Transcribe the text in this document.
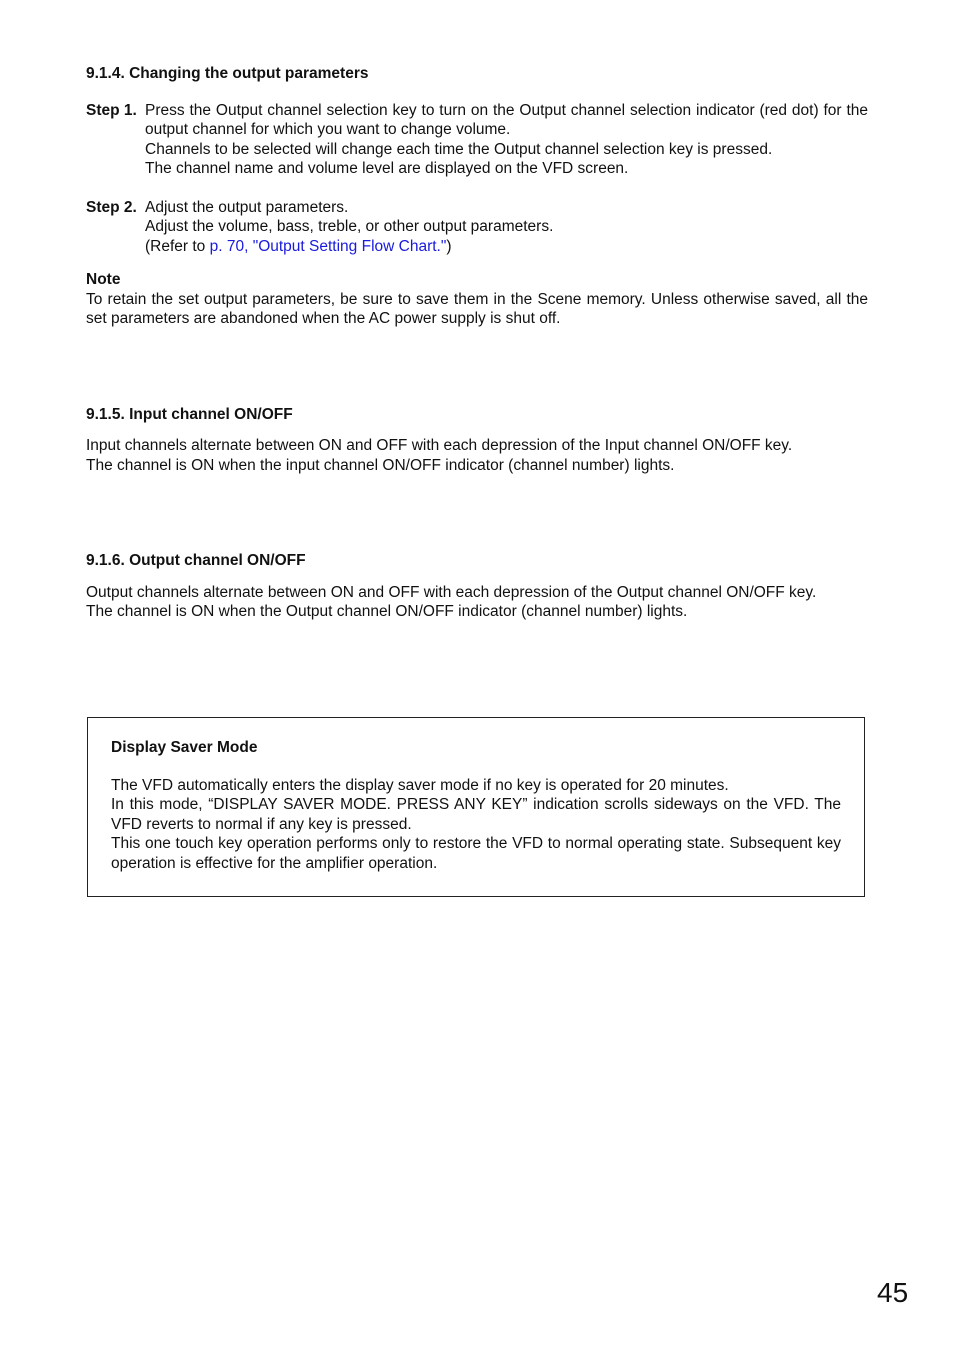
9.1.4. Changing the output parameters

Step 1. Press the Output channel selection key to turn on the Output channel selection indicator (red dot) for the output channel for which you want to change volume.

Channels to be selected will change each time the Output channel selection key is pressed.

The channel name and volume level are displayed on the VFD screen.

Step 2. Adjust the output parameters.

Adjust the volume, bass, treble, or other output parameters.

(Refer to p. 70, "Output Setting Flow Chart.")

Note

To retain the set output parameters, be sure to save them in the Scene memory. Unless otherwise saved, all the set parameters are abandoned when the AC power supply is shut off.

9.1.5. Input channel ON/OFF

Input channels alternate between ON and OFF with each depression of the Input channel ON/OFF key.

The channel is ON when the input channel ON/OFF indicator (channel number) lights.

9.1.6. Output channel ON/OFF

Output channels alternate between ON and OFF with each depression of the Output channel ON/OFF key.

The channel is ON when the Output channel ON/OFF indicator (channel number) lights.

Display Saver Mode

The VFD automatically enters the display saver mode if no key is operated for 20 minutes.

In this mode, “DISPLAY SAVER MODE. PRESS ANY KEY” indication scrolls sideways on the VFD. The VFD reverts to normal if any key is pressed.

This one touch key operation performs only to restore the VFD to normal operating state. Subsequent key operation is effective for the amplifier operation.

45
